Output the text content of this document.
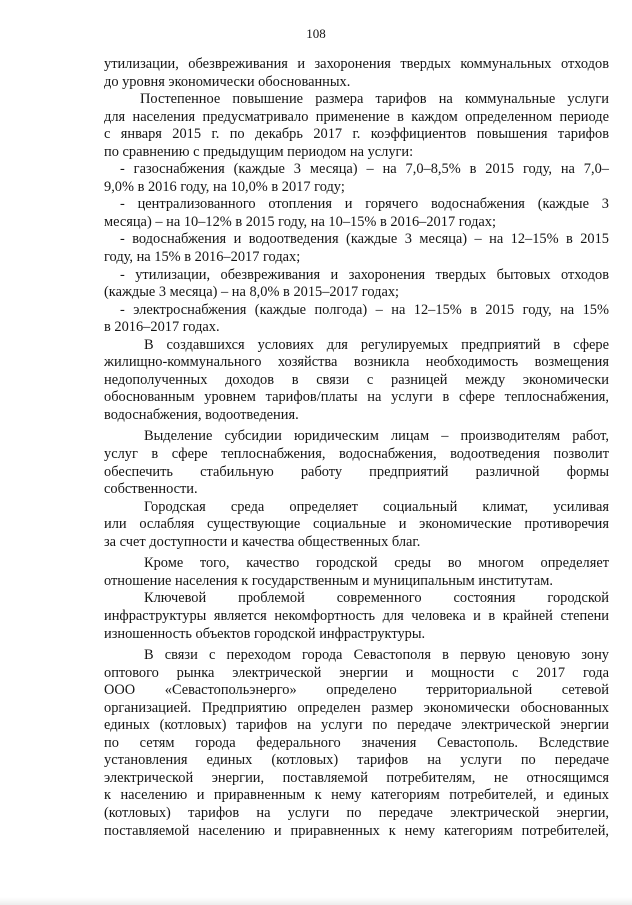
108
утилизации, обезвреживания и захоронения твердых коммунальных отходов
до уровня экономически обоснованных.
Постепенное повышение размера тарифов на коммунальные услуги
для населения предусматривало применение в каждом определенном периоде
с января 2015 г. по декабрь 2017 г. коэффициентов повышения тарифов
по сравнению с предыдущим периодом на услуги:
- газоснабжения (каждые 3 месяца) – на 7,0–8,5% в 2015 году, на 7,0–
9,0% в 2016 году, на 10,0% в 2017 году;
- централизованного отопления и горячего водоснабжения (каждые 3
месяца) – на 10–12% в 2015 году, на 10–15% в 2016–2017 годах;
- водоснабжения и водоотведения (каждые 3 месяца) – на 12–15% в 2015
году, на 15% в 2016–2017 годах;
- утилизации, обезвреживания и захоронения твердых бытовых отходов
(каждые 3 месяца) – на 8,0% в 2015–2017 годах;
- электроснабжения (каждые полгода) – на 12–15% в 2015 году, на 15%
в 2016–2017 годах.
В создавшихся условиях для регулируемых предприятий в сфере
жилищно-коммунального хозяйства возникла необходимость возмещения
недополученных доходов в связи с разницей между экономически
обоснованным уровнем тарифов/платы на услуги в сфере теплоснабжения,
водоснабжения, водоотведения.
Выделение субсидии юридическим лицам – производителям работ,
услуг в сфере теплоснабжения, водоснабжения, водоотведения позволит
обеспечить стабильную работу предприятий различной формы
собственности.
Городская среда определяет социальный климат, усиливая
или ослабляя существующие социальные и экономические противоречия
за счет доступности и качества общественных благ.
Кроме того, качество городской среды во многом определяет
отношение населения к государственным и муниципальным институтам.
Ключевой проблемой современного состояния городской
инфраструктуры является некомфортность для человека и в крайней степени
изношенность объектов городской инфраструктуры.
В связи с переходом города Севастополя в первую ценовую зону
оптового рынка электрической энергии и мощности с 2017 года
ООО «Севастопольэнерго» определено территориальной сетевой
организацией. Предприятию определен размер экономически обоснованных
единых (котловых) тарифов на услуги по передаче электрической энергии
по сетям города федерального значения Севастополь. Вследствие
установления единых (котловых) тарифов на услуги по передаче
электрической энергии, поставляемой потребителям, не относящимся
к населению и приравненным к нему категориям потребителей, и единых
(котловых) тарифов на услуги по передаче электрической энергии,
поставляемой населению и приравненных к нему категориям потребителей,
